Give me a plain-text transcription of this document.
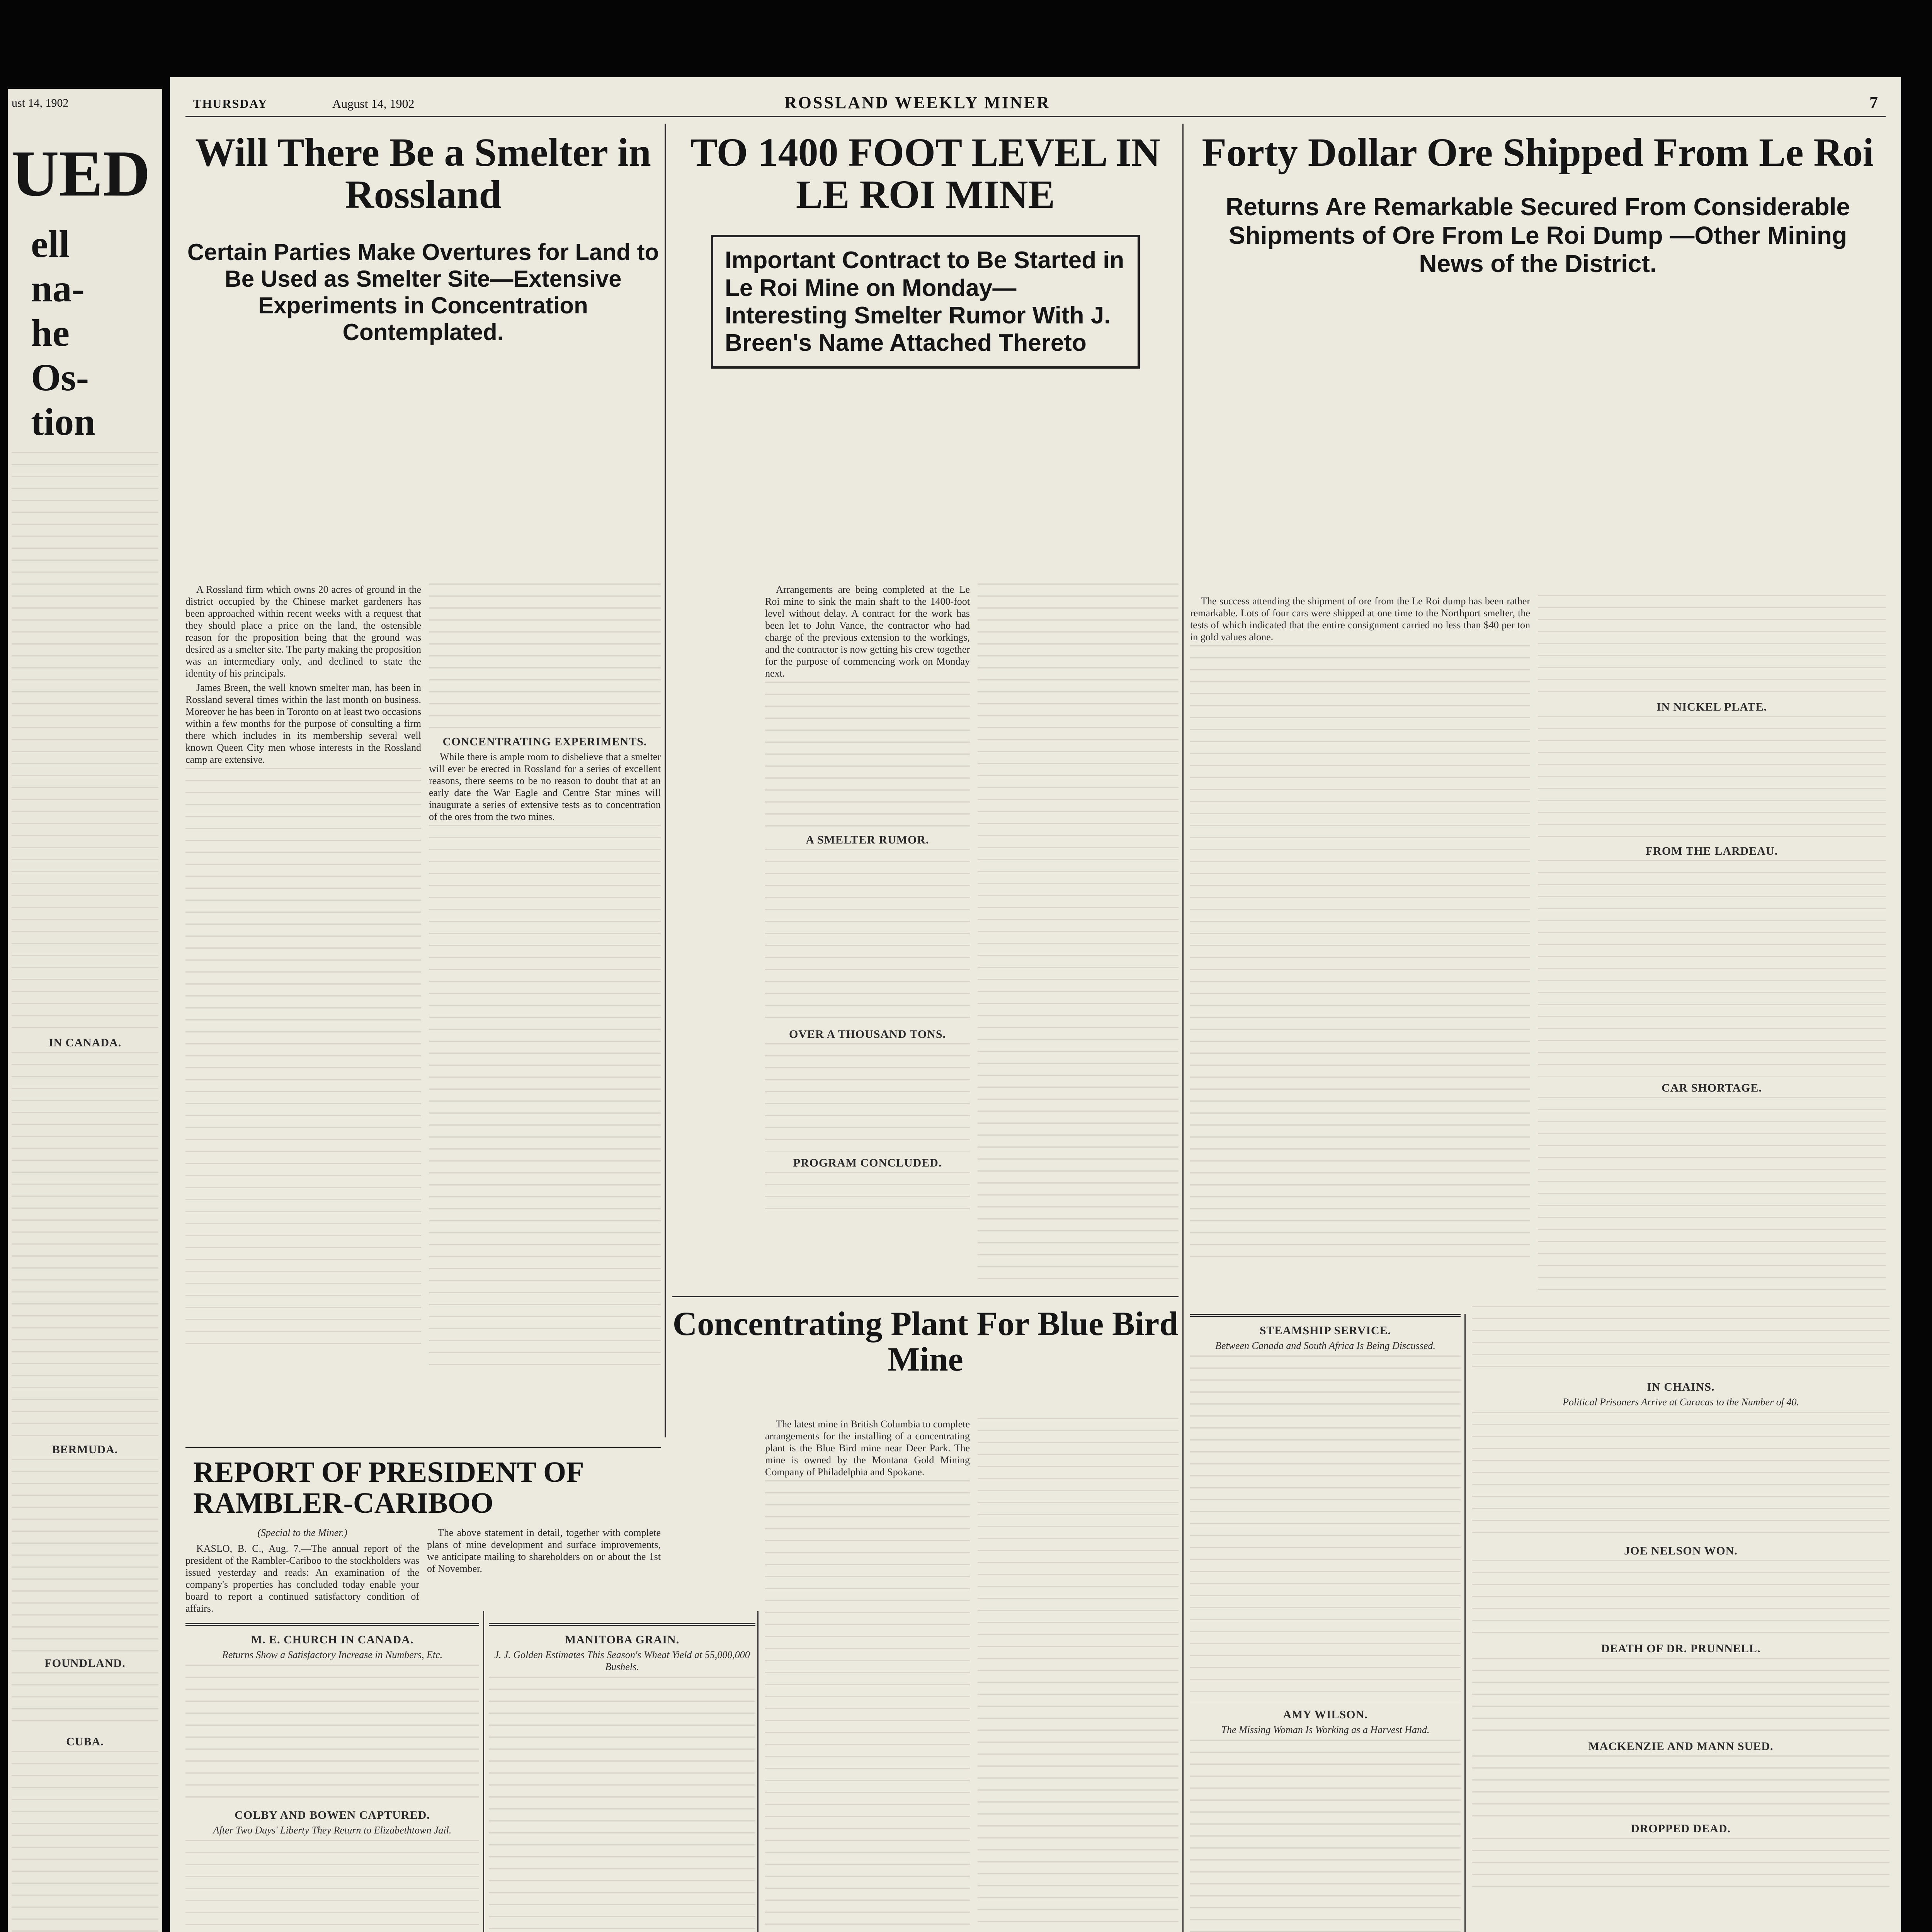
ust 14, 1902
UED
ell
na-
he
Os-
tion
IN CANADA.
BERMUDA.
FOUNDLAND.
CUBA.
THURSDAY	August 14, 1902	ROSSLAND WEEKLY MINER	7
Will There Be a Smelter in Rossland

Certain Parties Make Overtures for Land to Be Used as Smelter Site—Extensive Experiments in Concentration Contemplated.

A Rossland firm which owns 20 acres of ground in the district occupied by the Chinese market gardeners has been approached within recent weeks with a request that they should place a price on the land, the ostensible reason for the proposition being that the ground was desired as a smelter site. The party making the proposition was an intermediary only, and declined to state the identity of his principals.

James Breen, the well known smelter man, has been in Rossland several times within the last month on business. Moreover he has been in Toronto on at least two occasions within a few months for the purpose of consulting a firm there which includes in its membership several well known Queen City men whose interests in the Rossland camp are extensive.

CONCENTRATING EXPERIMENTS.

While there is ample room to disbelieve that a smelter will ever be erected in Rossland for a series of excellent reasons, there seems to be no reason to doubt that at an early date the War Eagle and Centre Star mines will inaugurate a series of extensive tests as to concentration of the ores from the two mines.

REPORT OF PRESIDENT OF RAMBLER-CARIBOO
(Special to the Miner.)

KASLO, B. C., Aug. 7.—The annual report of the president of the Rambler-Cariboo to the stockholders was issued yesterday and reads: An examination of the company's properties has concluded today enable your board to report a continued satisfactory condition of affairs.

The above statement in detail, together with complete plans of mine development and surface improvements, we anticipate mailing to shareholders on or about the 1st of November.

M. E. CHURCH IN CANADA.
Returns Show a Satisfactory Increase in Numbers, Etc.
COLBY AND BOWEN CAPTURED.
After Two Days' Liberty They Return to Elizabethtown Jail.
MANITOBA GRAIN.
J. J. Golden Estimates This Season's Wheat Yield at 55,000,000 Bushels.
TO 1400 FOOT LEVEL IN LE ROI MINE

Important Contract to Be Started in Le Roi Mine on Monday—Interesting Smelter Rumor With J. Breen's Name Attached Thereto

Arrangements are being completed at the Le Roi mine to sink the main shaft to the 1400-foot level without delay. A contract for the work has been let to John Vance, the contractor who had charge of the previous extension to the workings, and the contractor is now getting his crew together for the purpose of commencing work on Monday next.

A SMELTER RUMOR.
OVER A THOUSAND TONS.
PROGRAM CONCLUDED.
Concentrating Plant For Blue Bird Mine

The latest mine in British Columbia to complete arrangements for the installing of a concentrating plant is the Blue Bird mine near Deer Park. The mine is owned by the Montana Gold Mining Company of Philadelphia and Spokane.

Forty Dollar Ore Shipped From Le Roi

Returns Are Remarkable Secured From Considerable Shipments of Ore From Le Roi Dump —Other Mining News of the District.

The success attending the shipment of ore from the Le Roi dump has been rather remarkable. Lots of four cars were shipped at one time to the Northport smelter, the tests of which indicated that the entire consignment carried no less than $40 per ton in gold values alone.

IN NICKEL PLATE.
FROM THE LARDEAU.
CAR SHORTAGE.
STEAMSHIP SERVICE.
Between Canada and South Africa Is Being Discussed.
AMY WILSON.
The Missing Woman Is Working as a Harvest Hand.
IN CHAINS.
Political Prisoners Arrive at Caracas to the Number of 40.
JOE NELSON WON.
DEATH OF DR. PRUNNELL.
MACKENZIE AND MANN SUED.
DROPPED DEAD.
